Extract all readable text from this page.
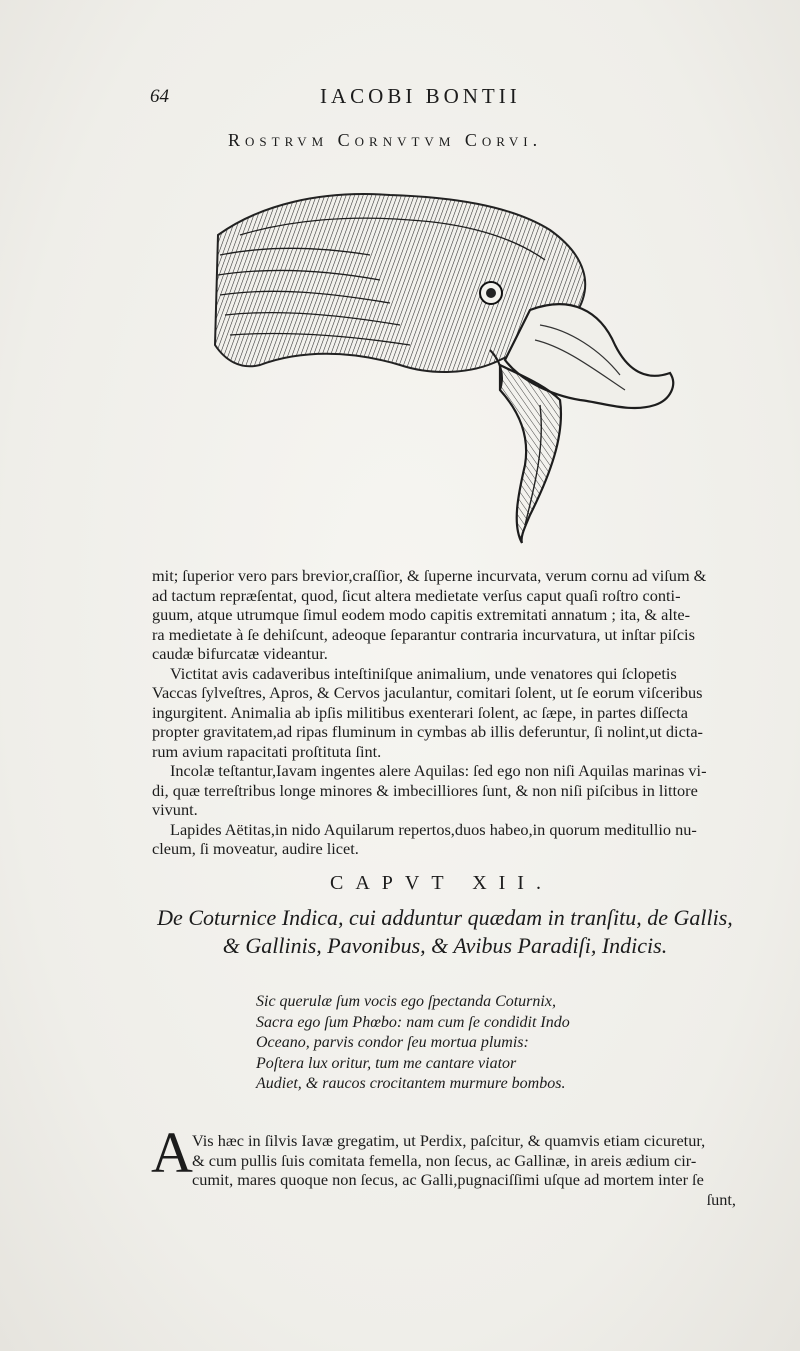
64	IACOBI BONTII
Rostrvm Cornvtvm Corvi.

mit; ſuperior vero pars brevior,craſſior, & ſuperne incurvata, verum cornu ad viſum &
ad tactum repræſentat, quod, ſicut altera medietate verſus caput quaſi roſtro conti-
guum, atque utrumque ſimul eodem modo capitis extremitati annatum ; ita, & alte-
ra medietate à ſe dehiſcunt, adeoque ſeparantur contraria incurvatura, ut inſtar piſcis
caudæ bifurcatæ videantur.

Victitat avis cadaveribus inteſtiniſque animalium, unde venatores qui ſclopetis
Vaccas ſylveſtres, Apros, & Cervos jaculantur, comitari ſolent, ut ſe eorum viſceribus
ingurgitent. Animalia ab ipſis militibus exenterari ſolent, ac ſæpe, in partes diſſecta
propter gravitatem,ad ripas fluminum in cymbas ab illis deferuntur, ſi nolint,ut dicta-
rum avium rapacitati proſtituta ſint.

Incolæ teſtantur,Iavam ingentes alere Aquilas: ſed ego non niſi Aquilas marinas vi-
di, quæ terreſtribus longe minores & imbecilliores ſunt, & non niſi piſcibus in littore
vivunt.

Lapides Aëtitas,in nido Aquilarum repertos,duos habeo,in quorum meditullio nu-
cleum, ſi moveatur, audire licet.

CAPVT XII.
De Coturnice Indica, cui adduntur quædam in tranſitu, de Gallis,
& Gallinis, Pavonibus, & Avibus Paradiſi, Indicis.
Sic querulæ ſum vocis ego ſpectanda Coturnix,
Sacra ego ſum Phœbo: nam cum ſe condidit Indo
Oceano, parvis condor ſeu mortua plumis:
Poſtera lux oritur, tum me cantare viator
Audiet, & raucos crocitantem murmure bombos.
A Vis hæc in ſilvis Iavæ gregatim, ut Perdix, paſcitur, & quamvis etiam cicuretur,
& cum pullis ſuis comitata femella, non ſecus, ac Gallinæ, in areis ædium cir-
cumit, mares quoque non ſecus, ac Galli,pugnaciſſimi uſque ad mortem inter ſe

ſunt,
